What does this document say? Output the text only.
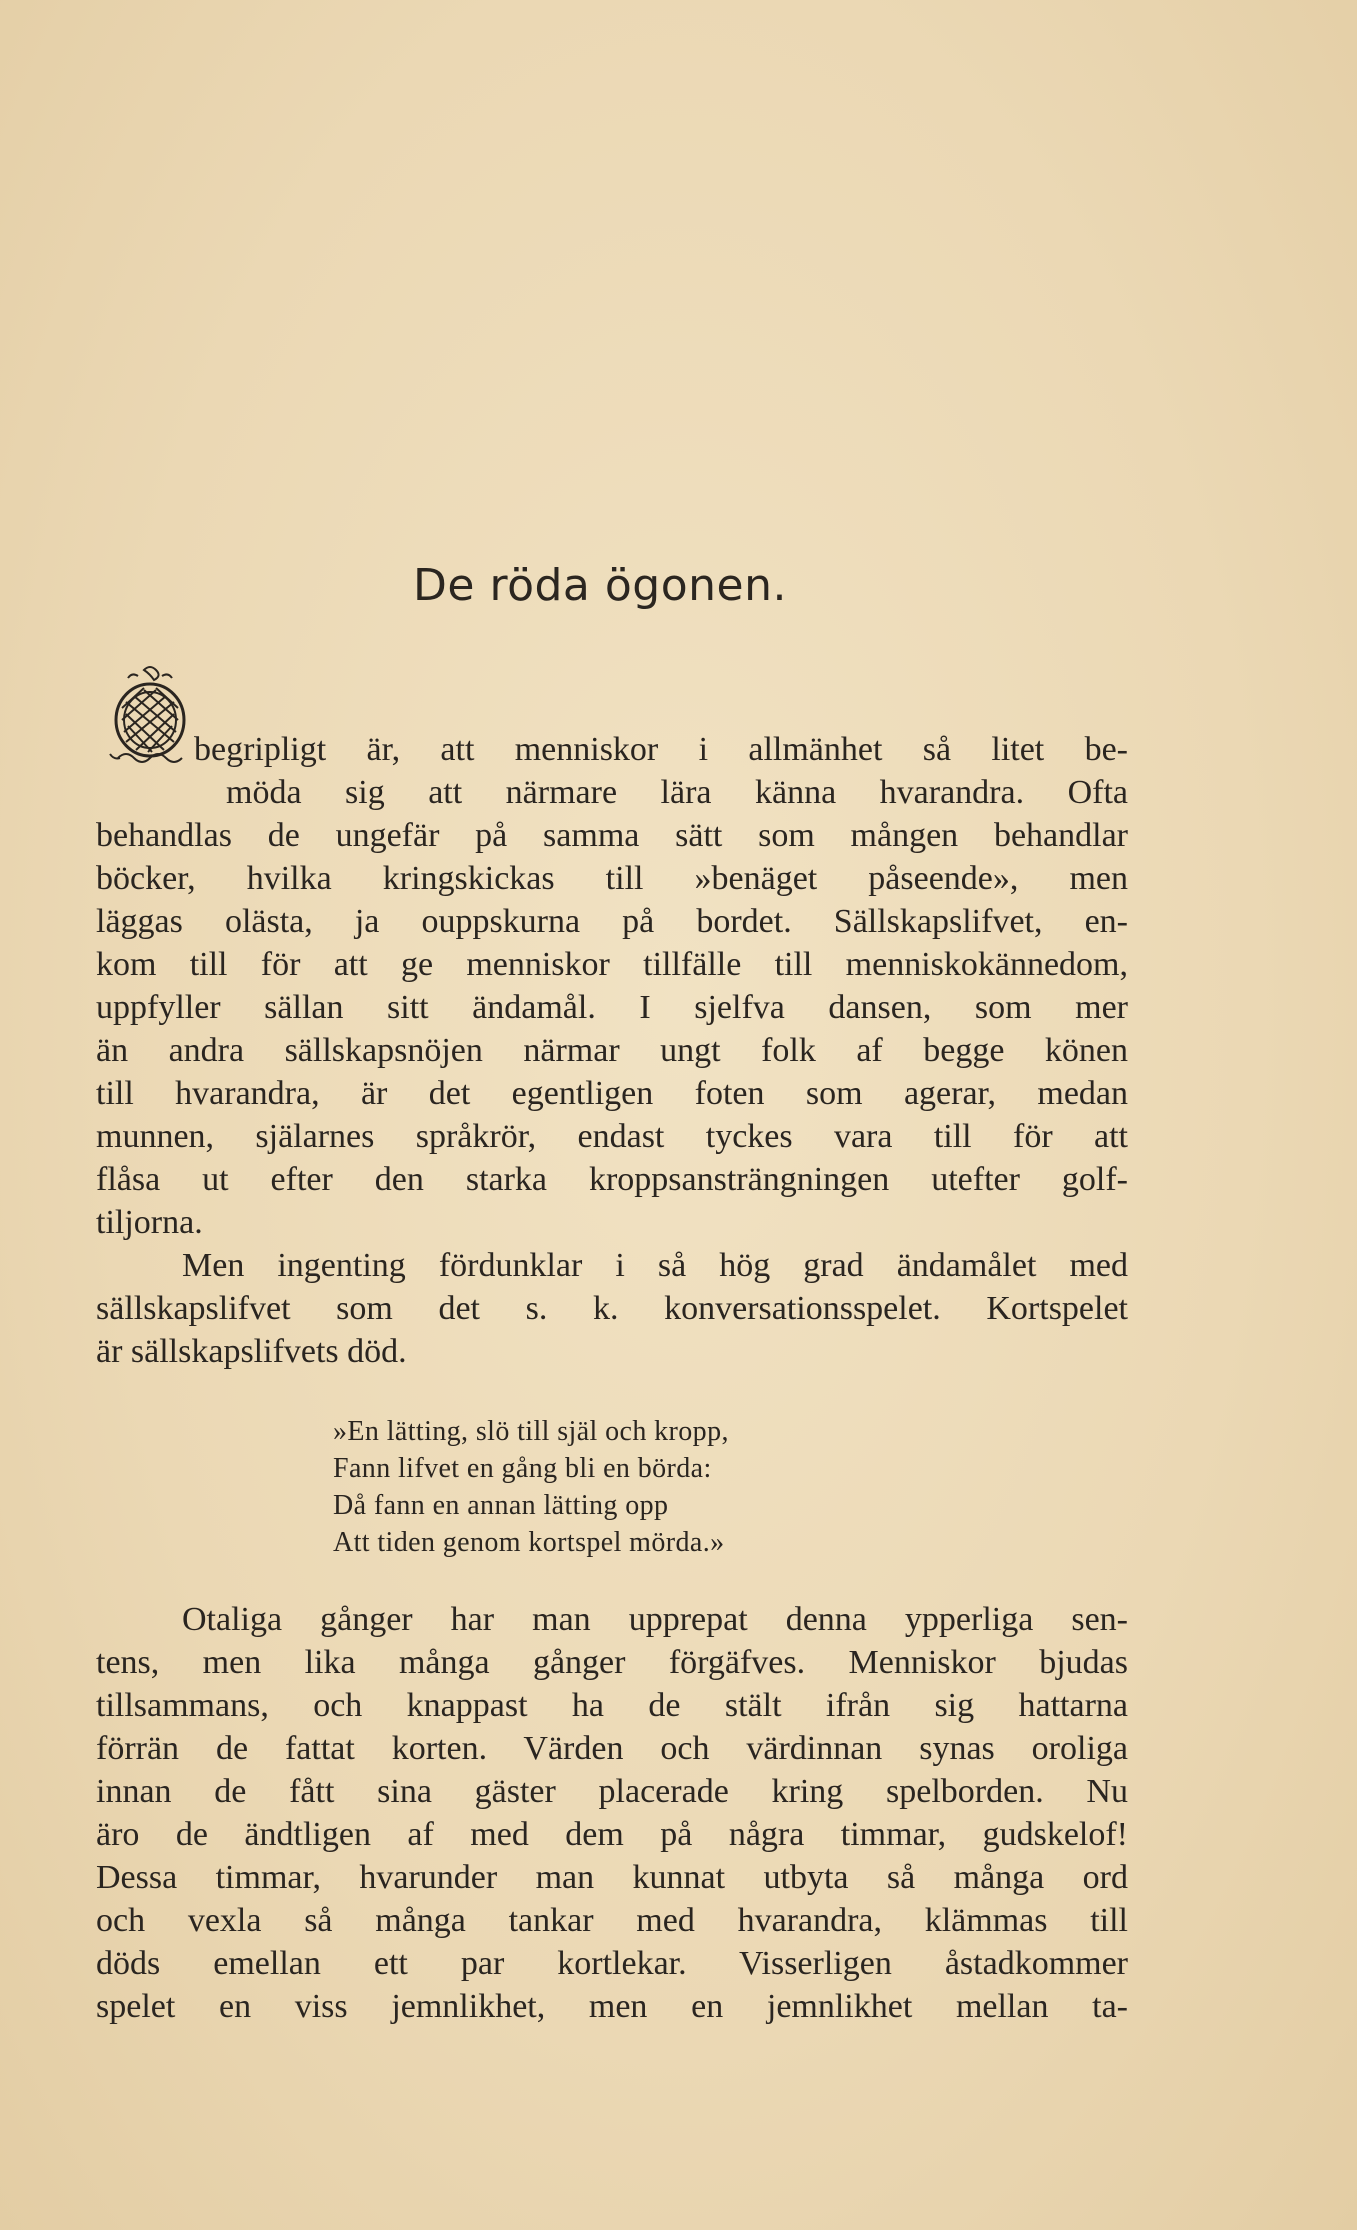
De röda ögonen.
begripligt är, att menniskor i allmänhet så litet be-
möda sig att närmare lära känna hvarandra. Ofta
behandlas de ungefär på samma sätt som mången behandlar
böcker, hvilka kringskickas till »benäget påseende», men
läggas olästa, ja ouppskurna på bordet. Sällskapslifvet, en-
kom till för att ge menniskor tillfälle till menniskokännedom,
uppfyller sällan sitt ändamål. I sjelfva dansen, som mer
än andra sällskapsnöjen närmar ungt folk af begge könen
till hvarandra, är det egentligen foten som agerar, medan
munnen, själarnes språkrör, endast tyckes vara till för att
flåsa ut efter den starka kroppsansträngningen utefter golf-
tiljorna.
Men ingenting fördunklar i så hög grad ändamålet med
sällskapslifvet som det s. k. konversationsspelet. Kortspelet
är sällskapslifvets död.
»En lätting, slö till själ och kropp,
Fann lifvet en gång bli en börda:
Då fann en annan lätting opp
Att tiden genom kortspel mörda.»
Otaliga gånger har man upprepat denna ypperliga sen-
tens, men lika många gånger förgäfves. Menniskor bjudas
tillsammans, och knappast ha de stält ifrån sig hattarna
förrän de fattat korten. Värden och värdinnan synas oroliga
innan de fått sina gäster placerade kring spelborden. Nu
äro de ändtligen af med dem på några timmar, gudskelof!
Dessa timmar, hvarunder man kunnat utbyta så många ord
och vexla så många tankar med hvarandra, klämmas till
döds emellan ett par kortlekar. Visserligen åstadkommer
spelet en viss jemnlikhet, men en jemnlikhet mellan ta-
